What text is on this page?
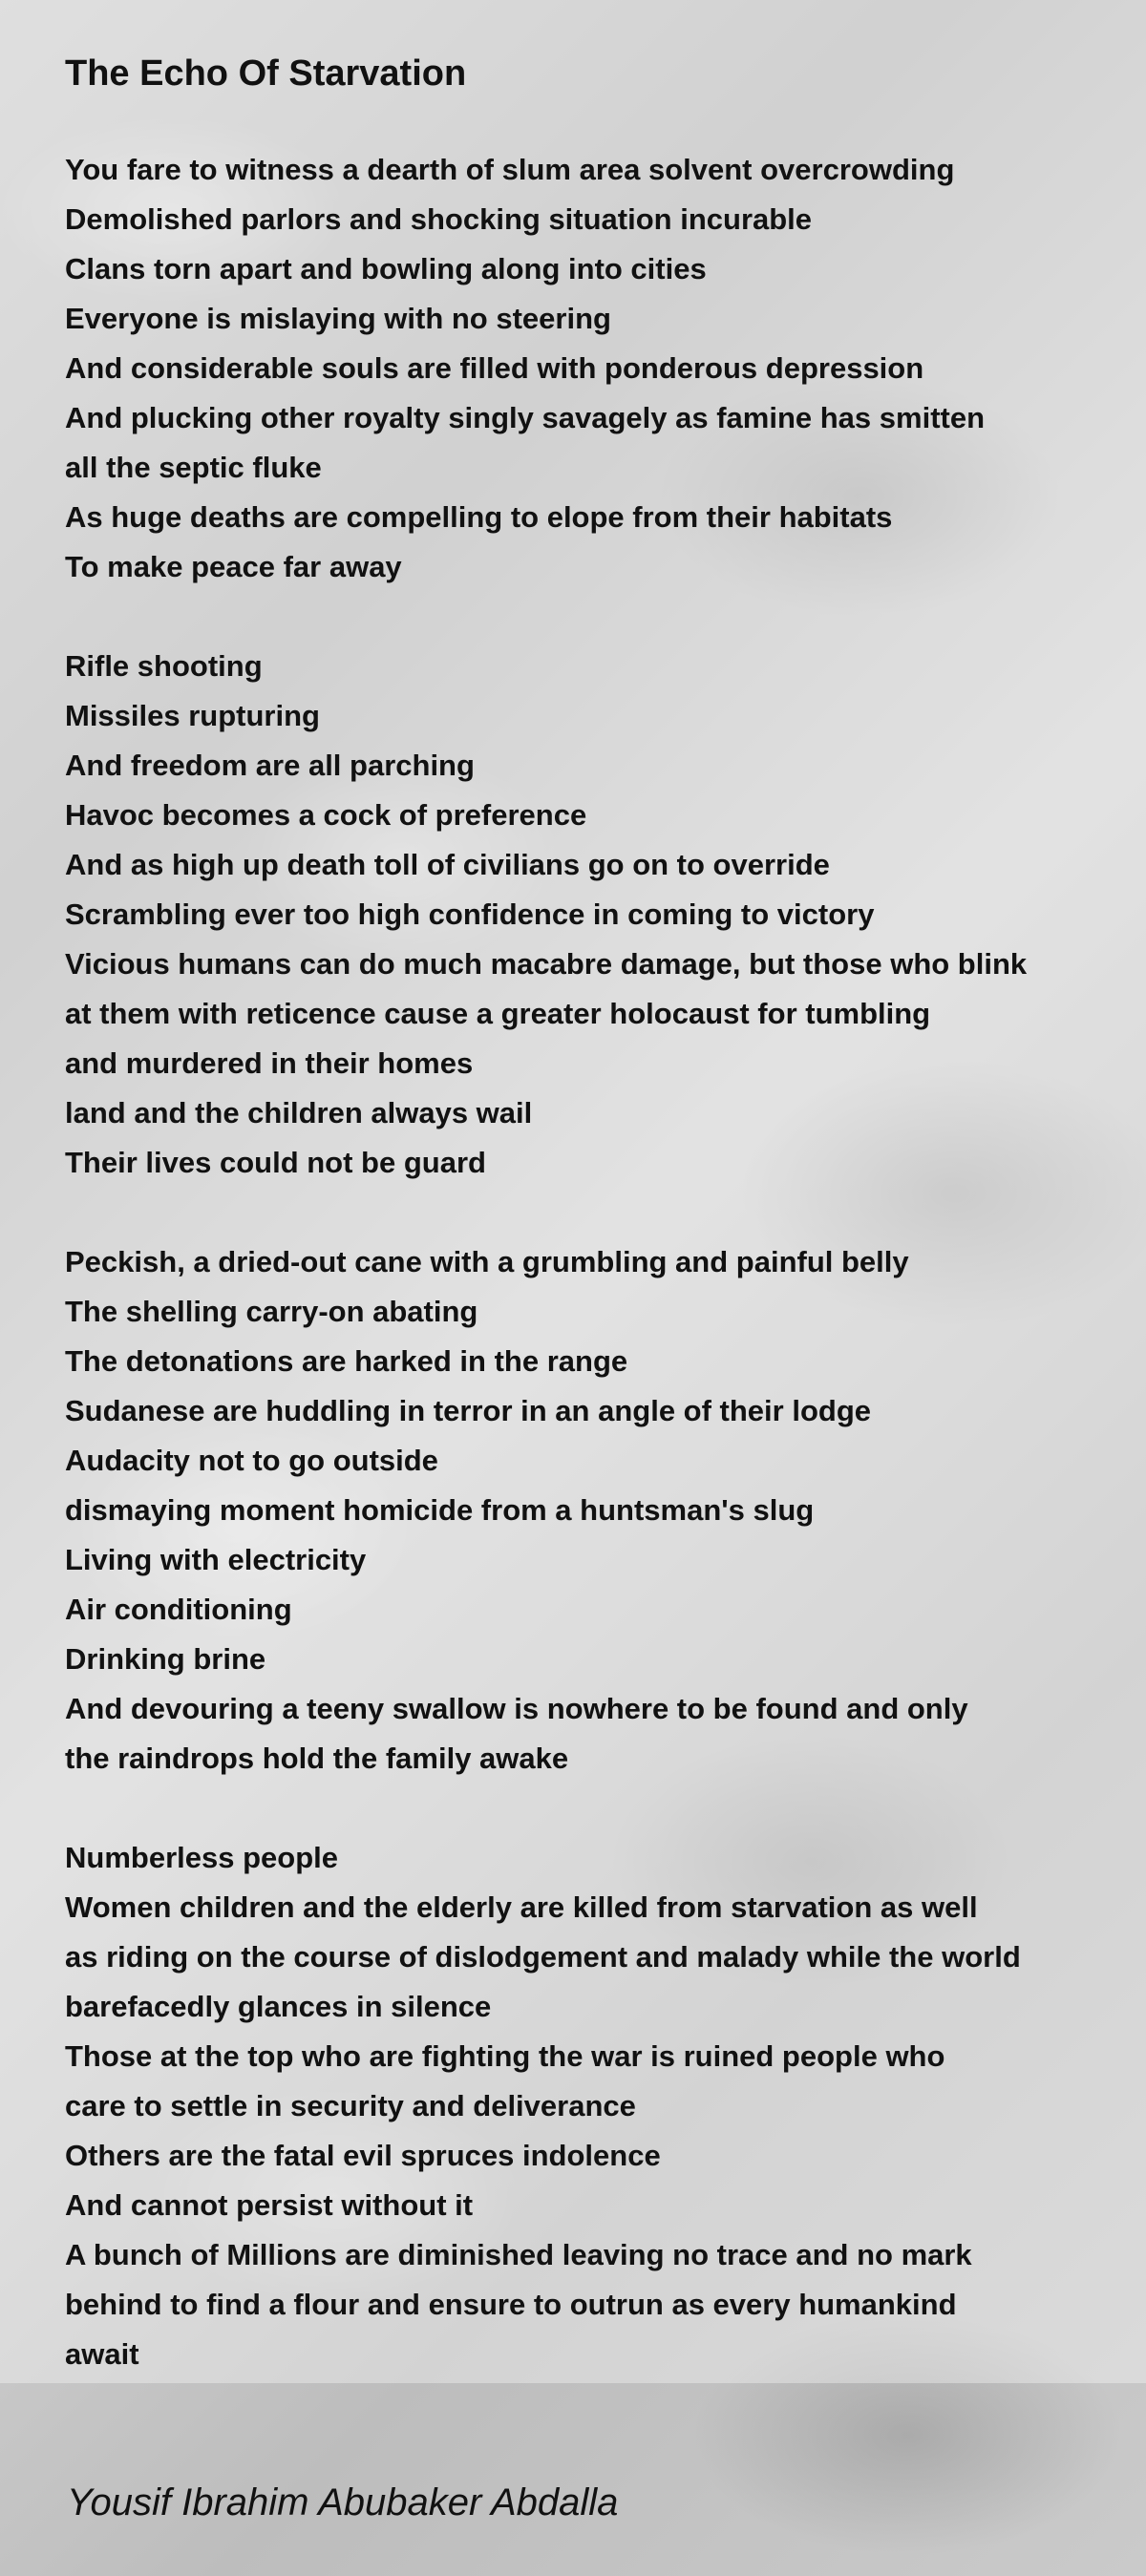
The Echo Of Starvation
You fare to witness a dearth of slum area solvent overcrowding
Demolished parlors and shocking situation incurable
Clans torn apart and bowling along into cities
Everyone is mislaying with no steering
And considerable souls are filled with ponderous depression
And plucking other royalty singly savagely as famine has smitten
all the septic fluke
As huge deaths are compelling to elope from their habitats
To make peace far away
Rifle shooting
Missiles rupturing
And freedom are all parching
Havoc becomes a cock of preference
And as high up death toll of civilians go on to override
Scrambling ever too high confidence in coming to victory
Vicious humans can do much macabre damage, but those who blink
at them with reticence cause a greater holocaust for tumbling
and murdered in their homes
land and the children always wail
Their lives could not be guard
Peckish, a dried-out cane with a grumbling and painful belly
The shelling carry-on abating
The detonations are harked in the range
Sudanese are huddling in terror in an angle of their lodge
Audacity not to go outside
dismaying moment homicide from a huntsman's slug
Living with electricity
Air conditioning
Drinking brine
And devouring a teeny swallow is nowhere to be found and only
the raindrops hold the family awake
Numberless people
Women children and the elderly are killed from starvation as well
as riding on the course of dislodgement and malady while the world
barefacedly glances in silence
Those at the top who are fighting the war is ruined people who
care to settle in security and deliverance
Others are the fatal evil spruces indolence
And cannot persist without it
A bunch of Millions are diminished leaving no trace and no mark
behind to find a flour and ensure to outrun as every humankind
await
Yousif Ibrahim Abubaker Abdalla
